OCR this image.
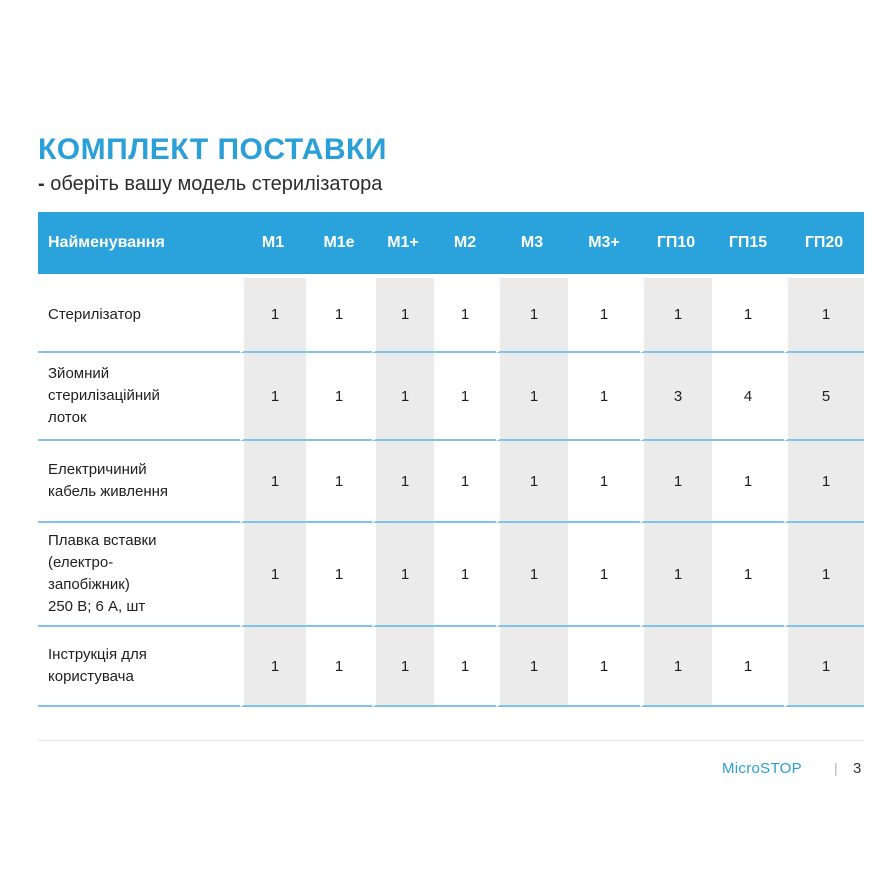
КОМПЛЕКТ ПОСТАВКИ
- оберіть вашу модель стерилізатора
Найменування	M1	M1e	M1+	M2	M3	M3+	ГП10	ГП15	ГП20

Стерилізатор	1	1	1	1	1	1	1	1	1

Зйомний
стерилізаційний
лоток	1	1	1	1	1	1	3	4	5

Електричиний
кабель живлення	1	1	1	1	1	1	1	1	1

Плавка вставки
(електро-
запобіжник)
250 В; 6 А, шт	1	1	1	1	1	1	1	1	1

Інструкція для
користувача	1	1	1	1	1	1	1	1	1
MicroSTOP | 3
